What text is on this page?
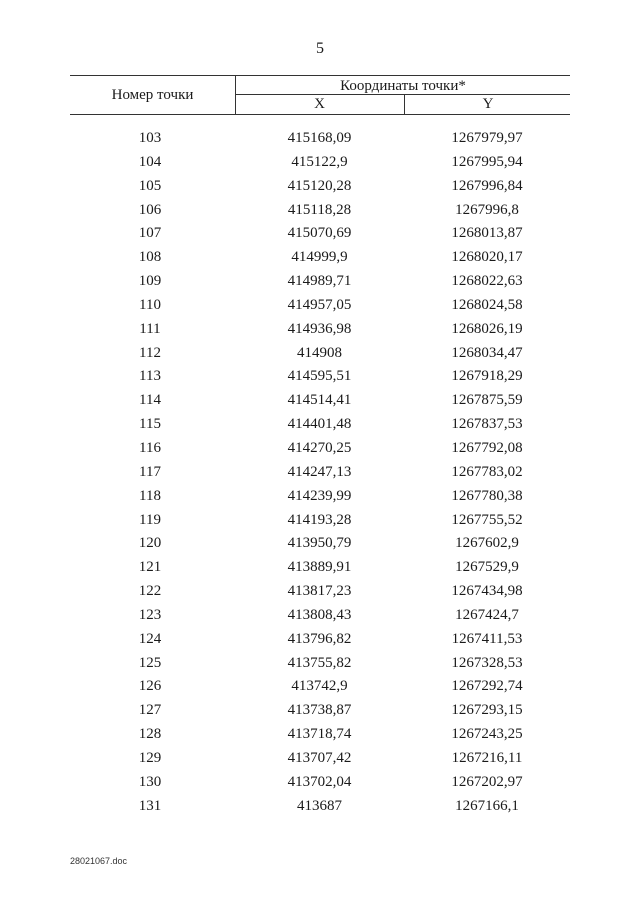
5
Номер точки
Координаты точки*
X	Y
103	415168,09	1267979,97
104	415122,9	1267995,94
105	415120,28	1267996,84
106	415118,28	1267996,8
107	415070,69	1268013,87
108	414999,9	1268020,17
109	414989,71	1268022,63
110	414957,05	1268024,58
111	414936,98	1268026,19
112	414908	1268034,47
113	414595,51	1267918,29
114	414514,41	1267875,59
115	414401,48	1267837,53
116	414270,25	1267792,08
117	414247,13	1267783,02
118	414239,99	1267780,38
119	414193,28	1267755,52
120	413950,79	1267602,9
121	413889,91	1267529,9
122	413817,23	1267434,98
123	413808,43	1267424,7
124	413796,82	1267411,53
125	413755,82	1267328,53
126	413742,9	1267292,74
127	413738,87	1267293,15
128	413718,74	1267243,25
129	413707,42	1267216,11
130	413702,04	1267202,97
131	413687	1267166,1
28021067.doc
